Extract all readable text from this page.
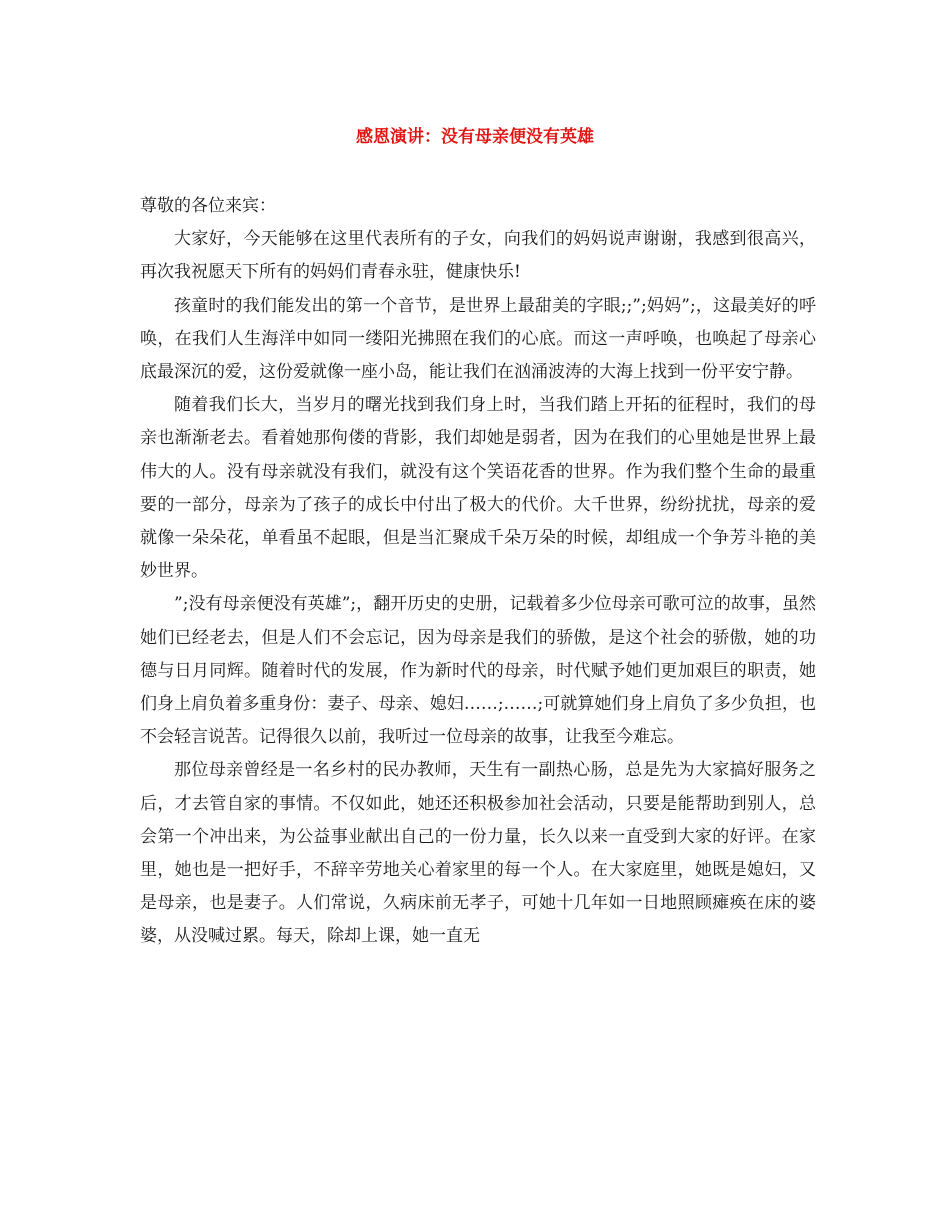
感恩演讲：没有母亲便没有英雄

尊敬的各位来宾：

大家好，今天能够在这里代表所有的子女，向我们的妈妈说声谢谢，我感到很高兴，再次我祝愿天下所有的妈妈们青春永驻，健康快乐!

孩童时的我们能发出的第一个音节，是世界上最甜美的字眼;;”;妈妈”;，这最美好的呼唤，在我们人生海洋中如同一缕阳光拂照在我们的心底。而这一声呼唤，也唤起了母亲心底最深沉的爱，这份爱就像一座小岛，能让我们在汹涌波涛的大海上找到一份平安宁静。

随着我们长大，当岁月的曙光找到我们身上时，当我们踏上开拓的征程时，我们的母亲也渐渐老去。看着她那佝偻的背影，我们却她是弱者，因为在我们的心里她是世界上最伟大的人。没有母亲就没有我们，就没有这个笑语花香的世界。作为我们整个生命的最重要的一部分，母亲为了孩子的成长中付出了极大的代价。大千世界，纷纷扰扰，母亲的爱就像一朵朵花，单看虽不起眼，但是当汇聚成千朵万朵的时候，却组成一个争芳斗艳的美妙世界。

”;没有母亲便没有英雄”;，翻开历史的史册，记载着多少位母亲可歌可泣的故事，虽然她们已经老去，但是人们不会忘记，因为母亲是我们的骄傲，是这个社会的骄傲，她的功德与日月同辉。随着时代的发展，作为新时代的母亲，时代赋予她们更加艰巨的职责，她们身上肩负着多重身份：妻子、母亲、媳妇……;……;可就算她们身上肩负了多少负担，也不会轻言说苦。记得很久以前，我听过一位母亲的故事，让我至今难忘。

那位母亲曾经是一名乡村的民办教师，天生有一副热心肠，总是先为大家搞好服务之后，才去管自家的事情。不仅如此，她还还积极参加社会活动，只要是能帮助到别人，总会第一个冲出来，为公益事业献出自己的一份力量，长久以来一直受到大家的好评。在家里，她也是一把好手，不辞辛劳地关心着家里的每一个人。在大家庭里，她既是媳妇，又是母亲，也是妻子。人们常说，久病床前无孝子，可她十几年如一日地照顾瘫痪在床的婆婆，从没喊过累。每天，除却上课，她一直无
